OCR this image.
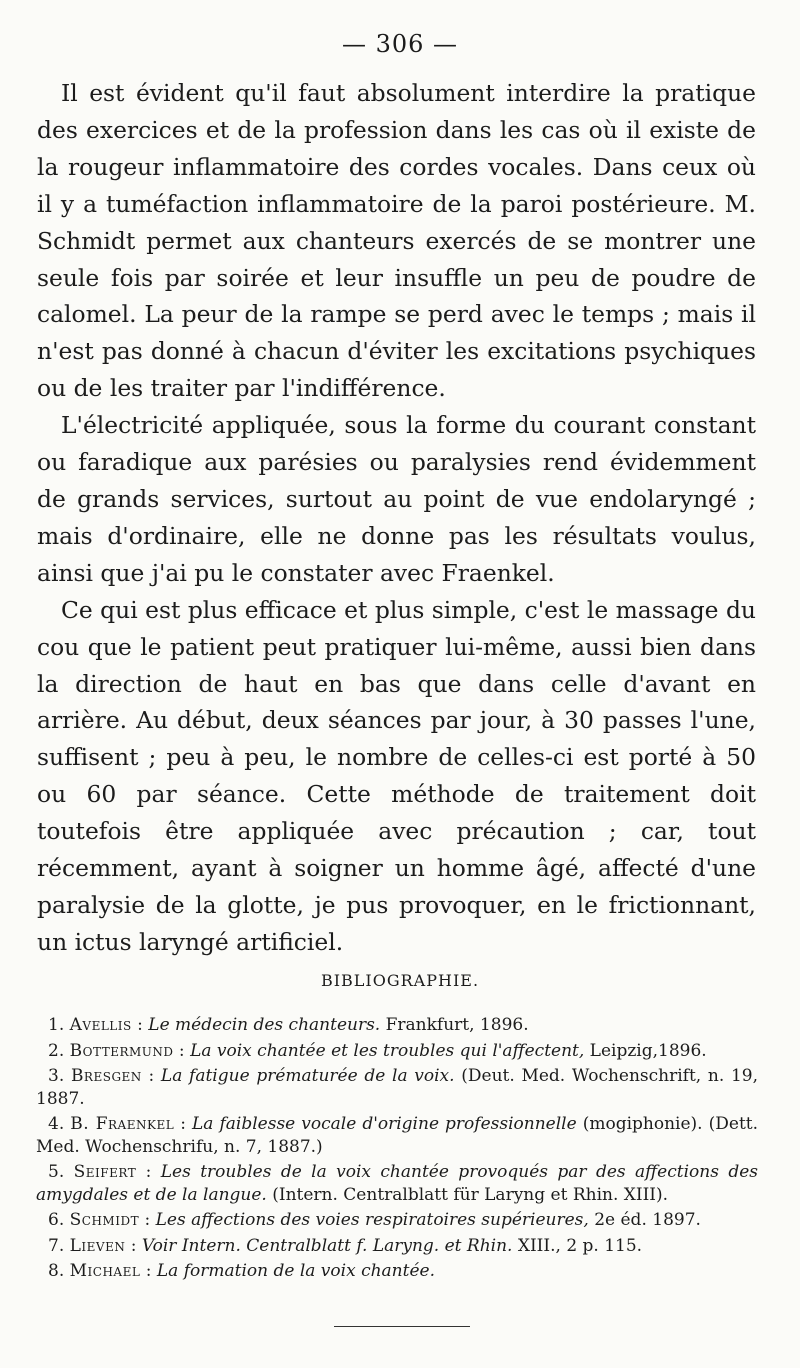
— 306 —

Il est évident qu'il faut absolument interdire la pratique des exercices et de la profession dans les cas où il existe de la rougeur inflammatoire des cordes vocales. Dans ceux où il y a tuméfaction inflammatoire de la paroi postérieure. M. Schmidt permet aux chanteurs exercés de se montrer une seule fois par soirée et leur insuffle un peu de poudre de calomel. La peur de la rampe se perd avec le temps ; mais il n'est pas donné à chacun d'éviter les excitations psychiques ou de les traiter par l'indifférence.

L'électricité appliquée, sous la forme du courant constant ou faradique aux parésies ou paralysies rend évidemment de grands services, surtout au point de vue endolaryngé ; mais d'ordinaire, elle ne donne pas les résultats voulus, ainsi que j'ai pu le constater avec Fraenkel.

Ce qui est plus efficace et plus simple, c'est le massage du cou que le patient peut pratiquer lui-même, aussi bien dans la direction de haut en bas que dans celle d'avant en arrière. Au début, deux séances par jour, à 30 passes l'une, suffisent ; peu à peu, le nombre de celles-ci est porté à 50 ou 60 par séance. Cette méthode de traitement doit toutefois être appliquée avec précaution ; car, tout récemment, ayant à soigner un homme âgé, affecté d'une paralysie de la glotte, je pus provoquer, en le frictionnant, un ictus laryngé artificiel.

BIBLIOGRAPHIE.

1. Avellis : Le médecin des chanteurs. Frankfurt, 1896.

2. Bottermund : La voix chantée et les troubles qui l'affectent, Leipzig,1896.

3. Bresgen : La fatigue prématurée de la voix. (Deut. Med. Wochenschrift, n. 19, 1887.

4. B. Fraenkel : La faiblesse vocale d'origine professionnelle (mogiphonie). (Dett. Med. Wochenschrifu, n. 7, 1887.)

5. Seifert : Les troubles de la voix chantée provoqués par des affections des amygdales et de la langue. (Intern. Centralblatt für Laryng et Rhin. XIII).

6. Schmidt : Les affections des voies respiratoires supérieures, 2e éd. 1897.

7. Lieven : Voir Intern. Centralblatt f. Laryng. et Rhin. XIII., 2 p. 115.

8. Michael : La formation de la voix chantée.
